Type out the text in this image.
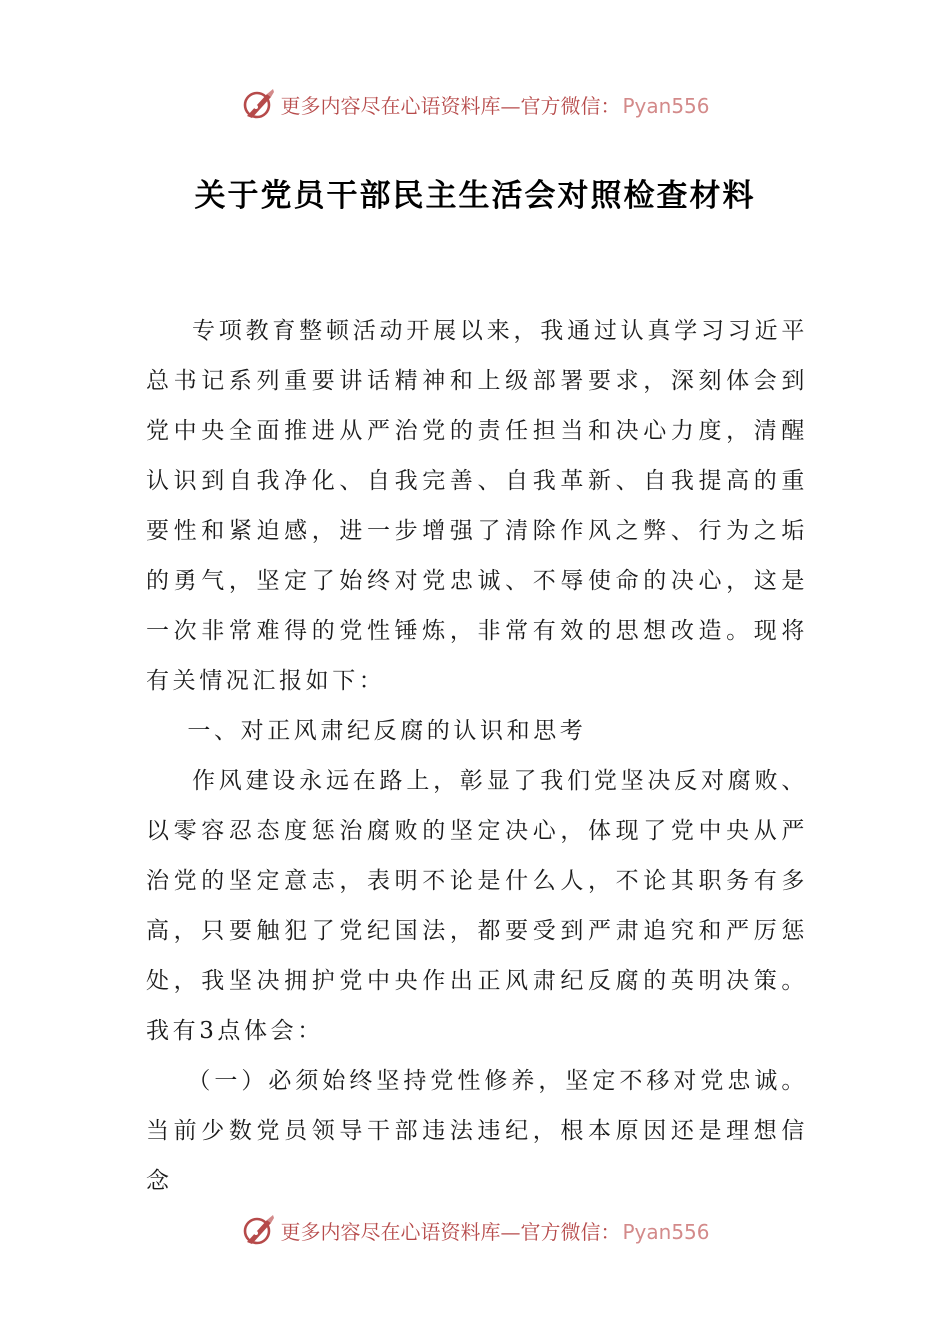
更多内容尽在心语资料库—官方微信： Pyan556
关于党员干部民主生活会对照检查材料

专项教育整顿活动开展以来，我通过认真学习习近平总书记系列重要讲话精神和上级部署要求，深刻体会到党中央全面推进从严治党的责任担当和决心力度，清醒认识到自我净化、自我完善、自我革新、自我提高的重要性和紧迫感，进一步增强了清除作风之弊、行为之垢的勇气，坚定了始终对党忠诚、不辱使命的决心，这是一次非常难得的党性锤炼，非常有效的思想改造。现将有关情况汇报如下：

一、对正风肃纪反腐的认识和思考

作风建设永远在路上，彰显了我们党坚决反对腐败、以零容忍态度惩治腐败的坚定决心，体现了党中央从严治党的坚定意志，表明不论是什么人，不论其职务有多高，只要触犯了党纪国法，都要受到严肃追究和严厉惩处，我坚决拥护党中央作出正风肃纪反腐的英明决策。我有3点体会：

（一）必须始终坚持党性修养，坚定不移对党忠诚。当前少数党员领导干部违法违纪，根本原因还是理想信念

更多内容尽在心语资料库—官方微信： Pyan556
